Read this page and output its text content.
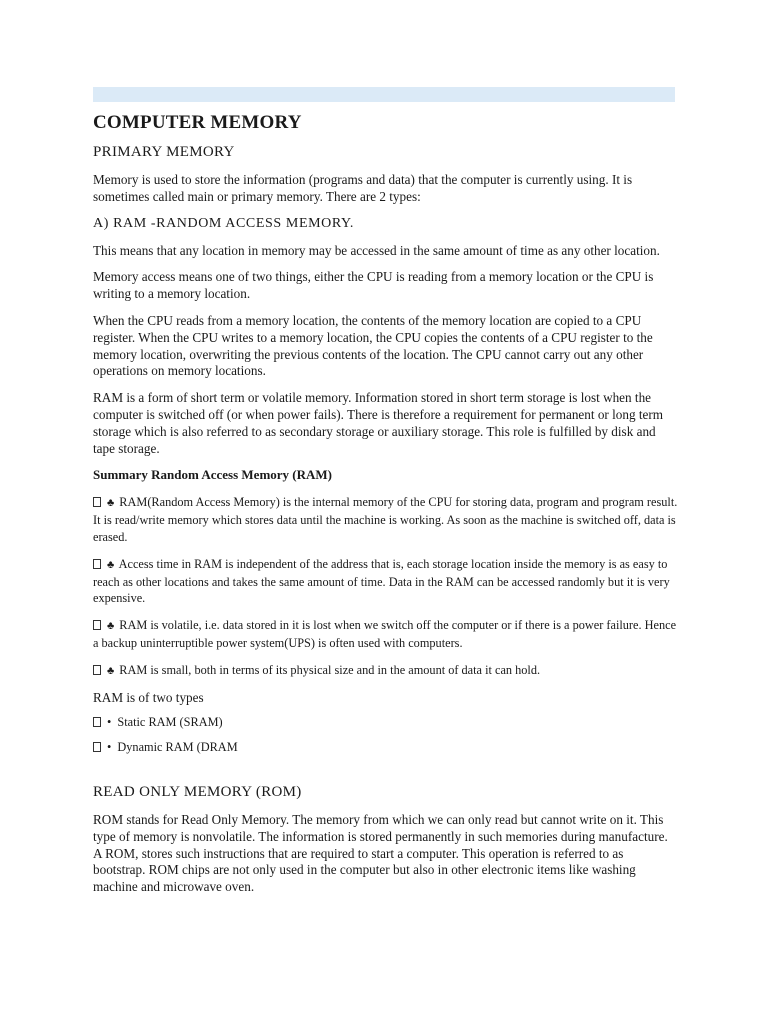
COMPUTER MEMORY
PRIMARY MEMORY

Memory is used to store the information (programs and data) that the computer is currently using. It is sometimes called main or primary memory. There are 2 types:

A) RAM -RANDOM ACCESS MEMORY.

This means that any location in memory may be accessed in the same amount of time as any other location.

Memory access means one of two things, either the CPU is reading from a memory location or the CPU is writing to a memory location.

When the CPU reads from a memory location, the contents of the memory location are copied to a CPU register. When the CPU writes to a memory location, the CPU copies the contents of a CPU register to the memory location, overwriting the previous contents of the location. The CPU cannot carry out any other operations on memory locations.

RAM is a form of short term or volatile memory. Information stored in short term storage is lost when the computer is switched off (or when power fails). There is therefore a requirement for permanent or long term storage which is also referred to as secondary storage or auxiliary storage. This role is fulfilled by disk and tape storage.

Summary Random Access Memory (RAM)
♣ RAM(Random Access Memory) is the internal memory of the CPU for storing data, program and program result. It is read/write memory which stores data until the machine is working. As soon as the machine is switched off, data is erased.
♣ Access time in RAM is independent of the address that is, each storage location inside the memory is as easy to reach as other locations and takes the same amount of time. Data in the RAM can be accessed randomly but it is very expensive.
♣ RAM is volatile, i.e. data stored in it is lost when we switch off the computer or if there is a power failure. Hence a backup uninterruptible power system(UPS) is often used with computers.
♣ RAM is small, both in terms of its physical size and in the amount of data it can hold.

RAM is of two types

• Static RAM (SRAM)
• Dynamic RAM (DRAM
READ ONLY MEMORY (ROM)

ROM stands for Read Only Memory. The memory from which we can only read but cannot write on it. This type of memory is nonvolatile. The information is stored permanently in such memories during manufacture. A ROM, stores such instructions that are required to start a computer. This operation is referred to as bootstrap. ROM chips are not only used in the computer but also in other electronic items like washing machine and microwave oven.
